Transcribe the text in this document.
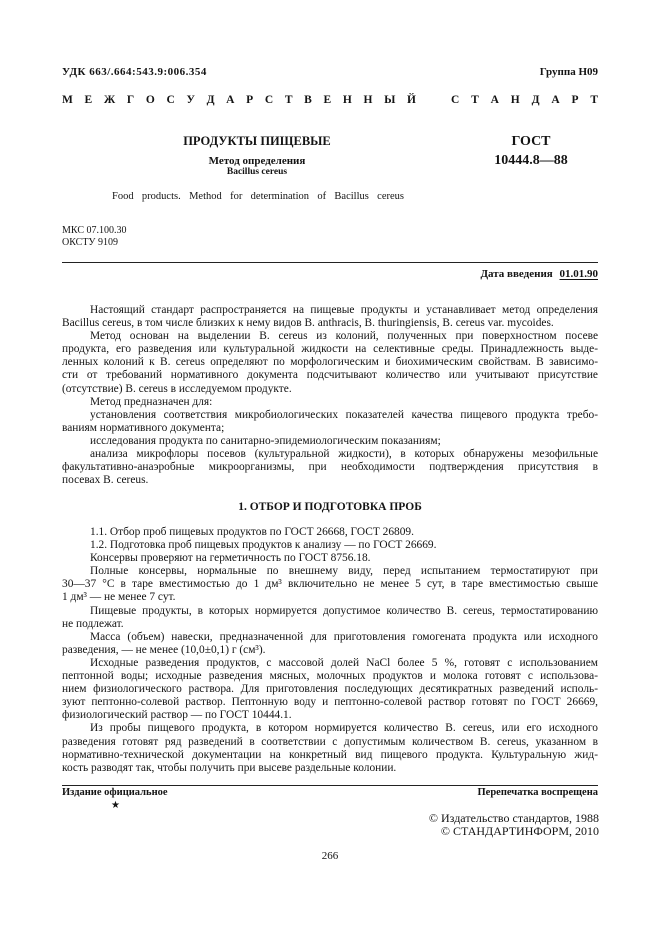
УДК 663/.664:543.9:006.354	Группа Н09
М Е Ж Г О С У Д А Р С Т В Е Н Н Ы Й	С Т А Н Д А Р Т
ПРОДУКТЫ ПИЩЕВЫЕ
Метод определения
Bacillus cereus
ГОСТ
10444.8—88
Food products. Method for determination of Bacillus cereus
МКС 07.100.30
ОКСТУ 9109
Дата введения 01.01.90
Настоящий стандарт распространяется на пищевые продукты и устанавливает метод определения
Bacillus cereus, в том числе близких к нему видов B. anthracis, B. thuringiensis, B. cereus var. mycoides.
Метод основан на выделении B. cereus из колоний, полученных при поверхностном посеве
продукта, его разведения или культуральной жидкости на селективные среды. Принадлежность выде-
ленных колоний к B. cereus определяют по морфологическим и биохимическим свойствам. В зависимо-
сти от требований нормативного документа подсчитывают количество или учитывают присутствие
(отсутствие) B. cereus в исследуемом продукте.
Метод предназначен для:
установления соответствия микробиологических показателей качества пищевого продукта требо-
ваниям нормативного документа;
исследования продукта по санитарно-эпидемиологическим показаниям;
анализа микрофлоры посевов (культуральной жидкости), в которых обнаружены мезофильные
факультативно-анаэробные микроорганизмы, при необходимости подтверждения присутствия в
посевах B. cereus.
1. ОТБОР И ПОДГОТОВКА ПРОБ
1.1. Отбор проб пищевых продуктов по ГОСТ 26668, ГОСТ 26809.
1.2. Подготовка проб пищевых продуктов к анализу — по ГОСТ 26669.
Консервы проверяют на герметичность по ГОСТ 8756.18.
Полные консервы, нормальные по внешнему виду, перед испытанием термостатируют при
30—37 °С в таре вместимостью до 1 дм³ включительно не менее 5 сут, в таре вместимостью свыше
1 дм³ — не менее 7 сут.
Пищевые продукты, в которых нормируется допустимое количество B. cereus, термостатированию
не подлежат.
Масса (объем) навески, предназначенной для приготовления гомогената продукта или исходного
разведения, — не менее (10,0±0,1) г (см³).
Исходные разведения продуктов, с массовой долей NaCl более 5 %, готовят с использованием
пептонной воды; исходные разведения мясных, молочных продуктов и молока готовят с использова-
нием физиологического раствора. Для приготовления последующих десятикратных разведений исполь-
зуют пептонно-солевой раствор. Пептонную воду и пептонно-солевой раствор готовят по ГОСТ 26669,
физиологический раствор — по ГОСТ 10444.1.
Из пробы пищевого продукта, в котором нормируется количество B. cereus, или его исходного
разведения готовят ряд разведений в соответствии с допустимым количеством B. cereus, указанном в
нормативно-технической документации на конкретный вид пищевого продукта. Культуральную жид-
кость разводят так, чтобы получить при высеве раздельные колонии.
Издание официальное	Перепечатка воспрещена
★
© Издательство стандартов, 1988
© СТАНДАРТИНФОРМ, 2010
266
